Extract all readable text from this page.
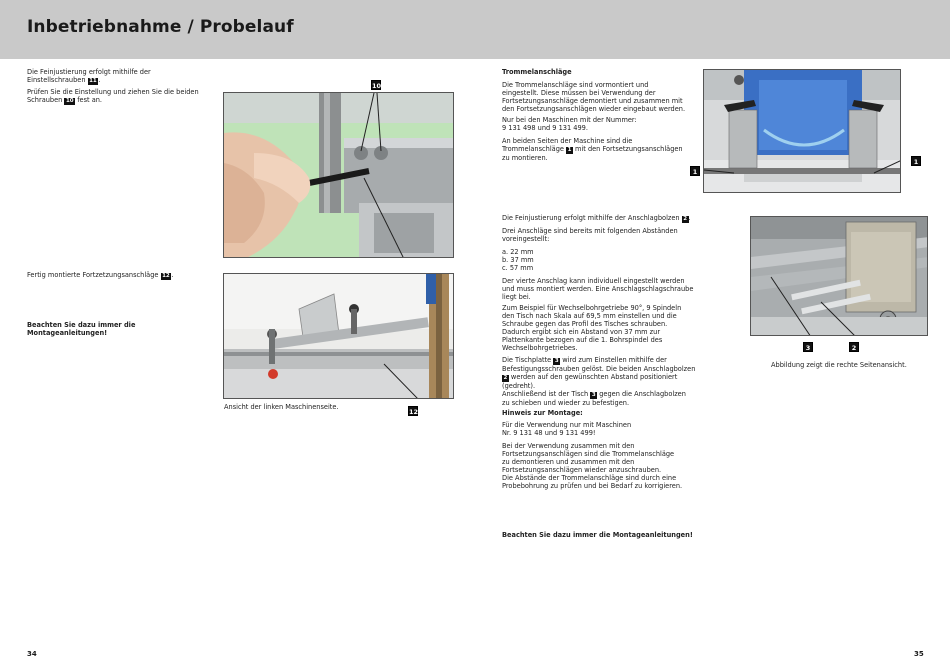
Inbetriebnahme / Probelauf
Die Feinjustierung erfolgt mithilfe der
Einstellschrauben 11 .
Prüfen Sie die Einstellung und ziehen Sie die beiden
Schrauben 10 fest an.
Fertig montierte Fortzetzungsanschläge 12 .
Beachten Sie dazu immer die Montageanleitungen!
10
12
Ansicht der linken Maschinenseite.
Trommelanschläge
Die Trommelanschläge sind vormontiert und
eingestellt. Diese müssen bei Verwendung der
Fortsetzungsanschläge demontiert und zusammen mit
den Fortsetzungsanschlägen wieder eingebaut werden.
Nur bei den Maschinen mit der Nummer:
9 131 498 und 9 131 499.
An beiden Seiten der Maschine sind die
Trommelanschläge 1 mit den Fortsetzungsanschlägen
zu montieren.
1
1
Die Feinjustierung erfolgt mithilfe der Anschlagbolzen 2 .
Drei Anschläge sind bereits mit folgenden Abständen
voreingestellt:
a. 22 mm
b. 37 mm
c. 57 mm
Der vierte Anschlag kann individuell eingestellt werden
und muss montiert werden. Eine Anschlagschlagschraube
liegt bei.
Zum Beispiel für Wechselbohrgetriebe 90°, 9 Spindeln
den Tisch nach Skala auf 69,5 mm einstellen und die
Schraube gegen das Profil des Tisches schrauben.
Dadurch ergibt sich ein Abstand von 37 mm zur
Plattenkante bezogen auf die 1. Bohrspindel des
Wechselbohrgetriebes.
Die Tischplatte 3 wird zum Einstellen mithilfe der
Befestigungsschrauben gelöst. Die beiden Anschlagbolzen
2 werden auf den gewünschten Abstand positioniert
(gedreht).
Anschließend ist der Tisch 3 gegen die Anschlagbolzen
zu schieben und wieder zu befestigen.
Hinweis zur Montage:
Für die Verwendung nur mit Maschinen
Nr. 9 131 48 und 9 131 499!
Bei der Verwendung zusammen mit den
Fortsetzungsanschlägen sind die Trommelanschläge
zu demontieren und zusammen mit den
Fortsetzungsanschlägen wieder anzuschrauben.
Die Abstände der Trommelanschläge sind durch eine
Probebohrung zu prüfen und bei Bedarf zu korrigieren.
Beachten Sie dazu immer die Montageanleitungen!
3	2
Abbildung zeigt die rechte Seitenansicht.
34	35
